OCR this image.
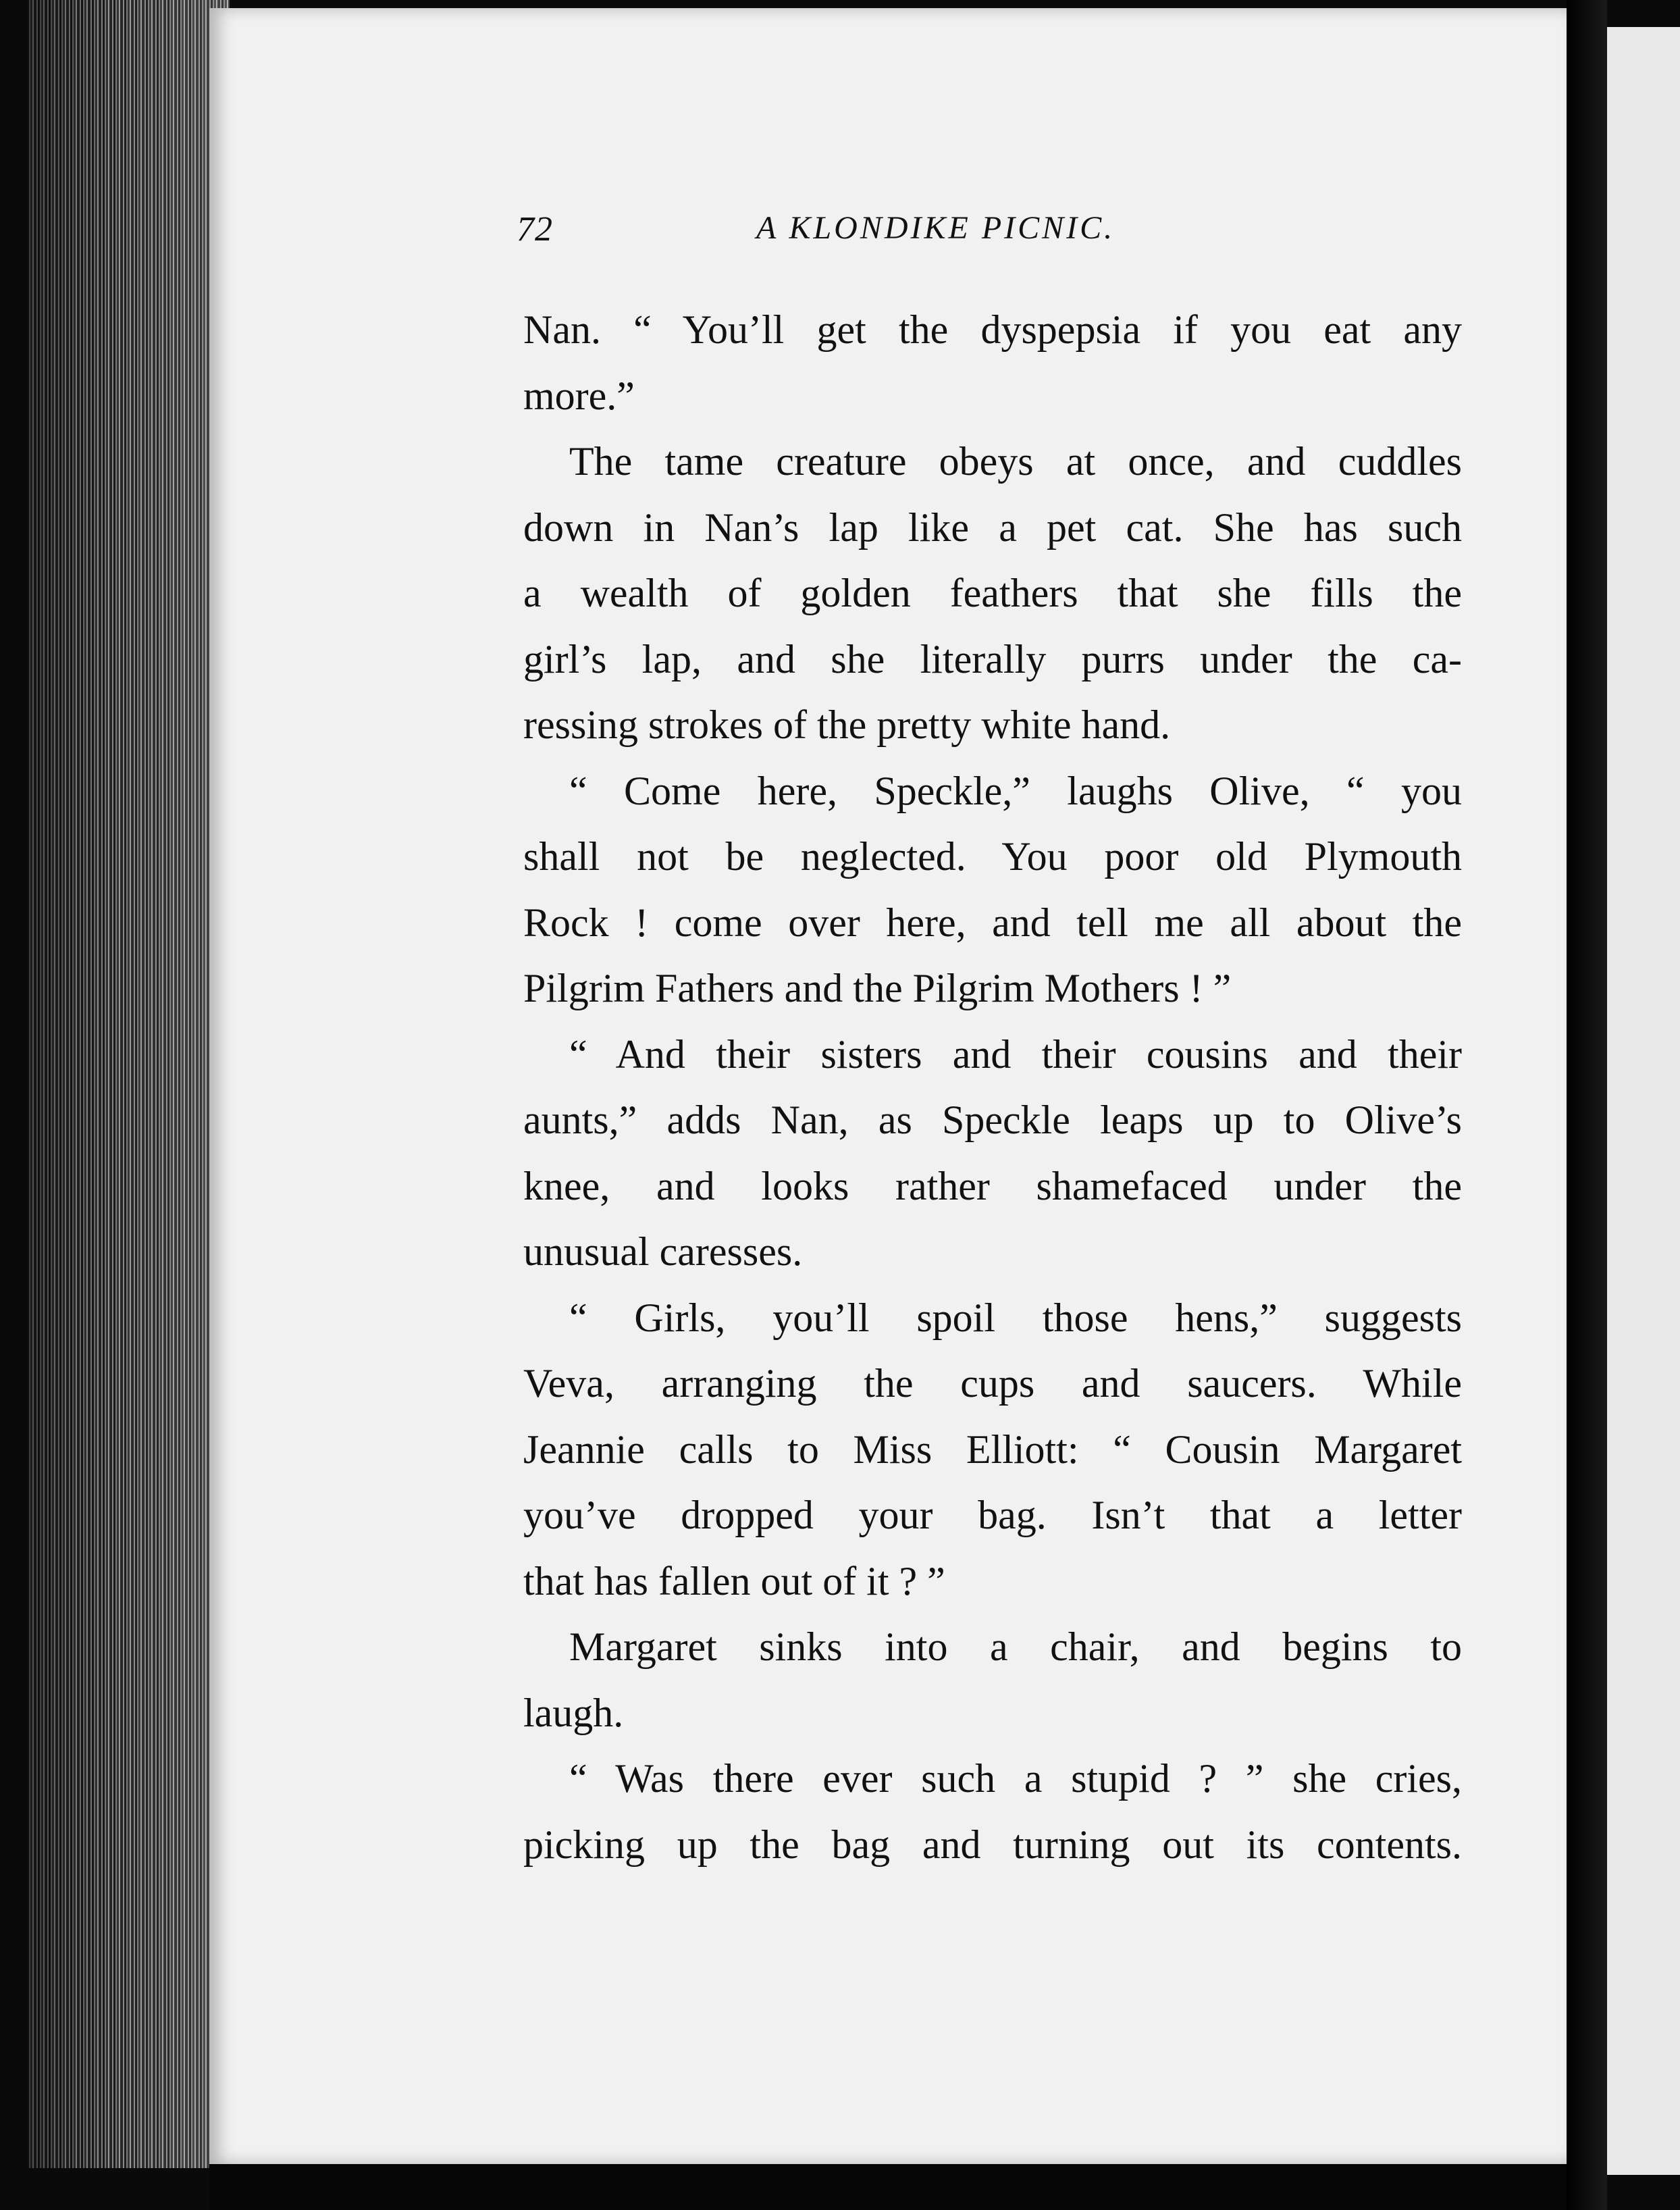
72	A KLONDIKE PICNIC.
Nan. “ You’ll get the dyspepsia if you eat any
more.”
The tame creature obeys at once, and cuddles
down in Nan’s lap like a pet cat. She has such
a wealth of golden feathers that she fills the
girl’s lap, and she literally purrs under the ca-
ressing strokes of the pretty white hand.
“ Come here, Speckle,” laughs Olive, “ you
shall not be neglected. You poor old Plymouth
Rock ! come over here, and tell me all about the
Pilgrim Fathers and the Pilgrim Mothers ! ”
“ And their sisters and their cousins and their
aunts,” adds Nan, as Speckle leaps up to Olive’s
knee, and looks rather shamefaced under the
unusual caresses.
“ Girls, you’ll spoil those hens,” suggests
Veva, arranging the cups and saucers. While
Jeannie calls to Miss Elliott: “ Cousin Margaret
you’ve dropped your bag. Isn’t that a letter
that has fallen out of it ? ”
Margaret sinks into a chair, and begins to
laugh.
“ Was there ever such a stupid ? ” she cries,
picking up the bag and turning out its contents.
